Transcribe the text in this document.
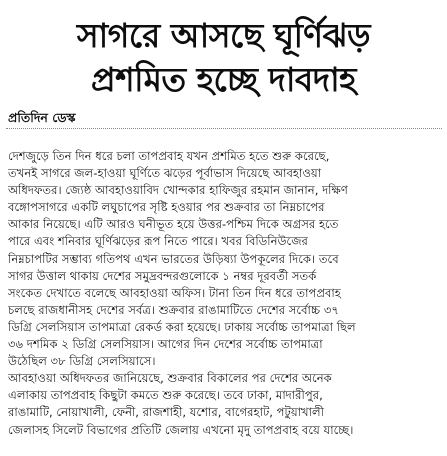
সাগরে আসছে ঘূর্ণিঝড়
প্রশমিত হচ্ছে দাবদাহ
প্রতিদিন ডেস্ক
দেশজুড়ে তিন দিন ধরে চলা তাপপ্রবাহ যখন প্রশমিত হতে শুরু করেছে,
তখনই সাগরে জল-হাওয়া ঘূর্ণিতে ঝড়ের পূর্বাভাস দিয়েছে আবহাওয়া
অধিদফতর। জ্যেষ্ঠ আবহাওয়াবিদ খোন্দকার হাফিজুর রহমান জানান, দক্ষিণ
বঙ্গোপসাগরে একটি লঘুচাপের সৃষ্টি হওয়ার পর শুক্রবার তা নিম্নচাপের
আকার নিয়েছে। এটি আরও ঘনীভূত হয়ে উত্তর-পশ্চিম দিকে অগ্রসর হতে
পারে এবং শনিবার ঘূর্ণিঝড়ের রূপ নিতে পারে। খবর বিডিনিউজের
নিম্নচাপটির সম্ভাব্য গতিপথ এখন ভারতের উড়িষ্যা উপকূলের দিকে। তবে
সাগর উত্তাল থাকায় দেশের সমুদ্রবন্দরগুলোকে ১ নম্বর দূরবর্তী সতর্ক
সংকেত দেখাতে বলেছে আবহাওয়া অফিস। টানা তিন দিন ধরে তাপপ্রবাহ
চলছে রাজধানীসহ দেশের সর্বত্র। শুক্রবার রাঙামাটিতে দেশের সর্বোচ্চ ৩৭
ডিগ্রি সেলসিয়াস তাপমাত্রা রেকর্ড করা হয়েছে। ঢাকায় সর্বোচ্চ তাপমাত্রা ছিল
৩৬ দশমিক ২ ডিগ্রি সেলসিয়াস। আগের দিন দেশের সর্বোচ্চ তাপমাত্রা
উঠেছিল ৩৮ ডিগ্রি সেলসিয়াসে।
আবহাওয়া অধিদফতর জানিয়েছে, শুক্রবার বিকালের পর দেশের অনেক
এলাকায় তাপপ্রবাহ কিছুটা কমতে শুরু করেছে। তবে ঢাকা, মাদারীপুর,
রাঙামাটি, নোয়াখালী, ফেনী, রাজশাহী, যশোর, বাগেরহাট, পটুয়াখালী
জেলাসহ সিলেট বিভাগের প্রতিটি জেলায় এখনো মৃদু তাপপ্রবাহ বয়ে যাচ্ছে।
